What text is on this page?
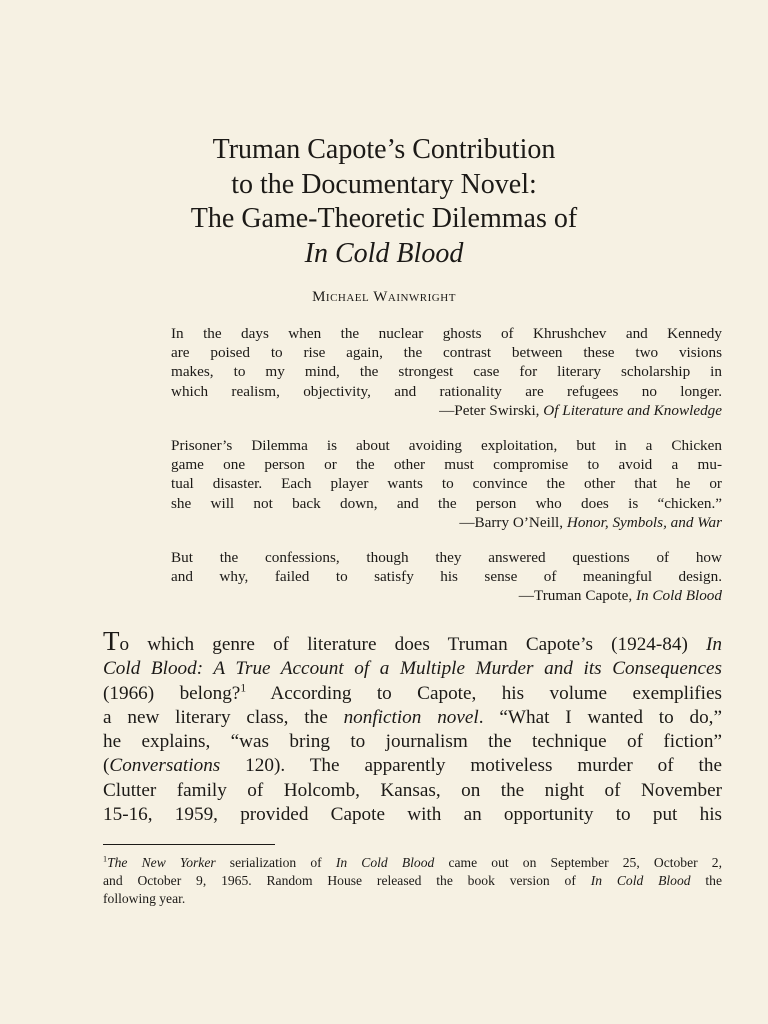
Truman Capote’s Contribution
to the Documentary Novel:
The Game-Theoretic Dilemmas of
In Cold Blood
Michael Wainwright
In the days when the nuclear ghosts of Khrushchev and Kennedy
are poised to rise again, the contrast between these two visions
makes, to my mind, the strongest case for literary scholarship in
which realism, objectivity, and rationality are refugees no longer.
—Peter Swirski, Of Literature and Knowledge
Prisoner’s Dilemma is about avoiding exploitation, but in a Chicken
game one person or the other must compromise to avoid a mu-
tual disaster. Each player wants to convince the other that he or
she will not back down, and the person who does is “chicken.”
—Barry O’Neill, Honor, Symbols, and War
But the confessions, though they answered questions of how
and why, failed to satisfy his sense of meaningful design.
—Truman Capote, In Cold Blood
To which genre of literature does Truman Capote’s (1924-84) In
Cold Blood: A True Account of a Multiple Murder and its Consequences
(1966) belong?$^1$ According to Capote, his volume exemplifies
a new literary class, the nonfiction novel. “What I wanted to do,”
he explains, “was bring to journalism the technique of fiction”
(Conversations 120). The apparently motiveless murder of the
Clutter family of Holcomb, Kansas, on the night of November
15-16, 1959, provided Capote with an opportunity to put his
$^1$The New Yorker serialization of In Cold Blood came out on September 25, October 2,
and October 9, 1965. Random House released the book version of In Cold Blood the
following year.
